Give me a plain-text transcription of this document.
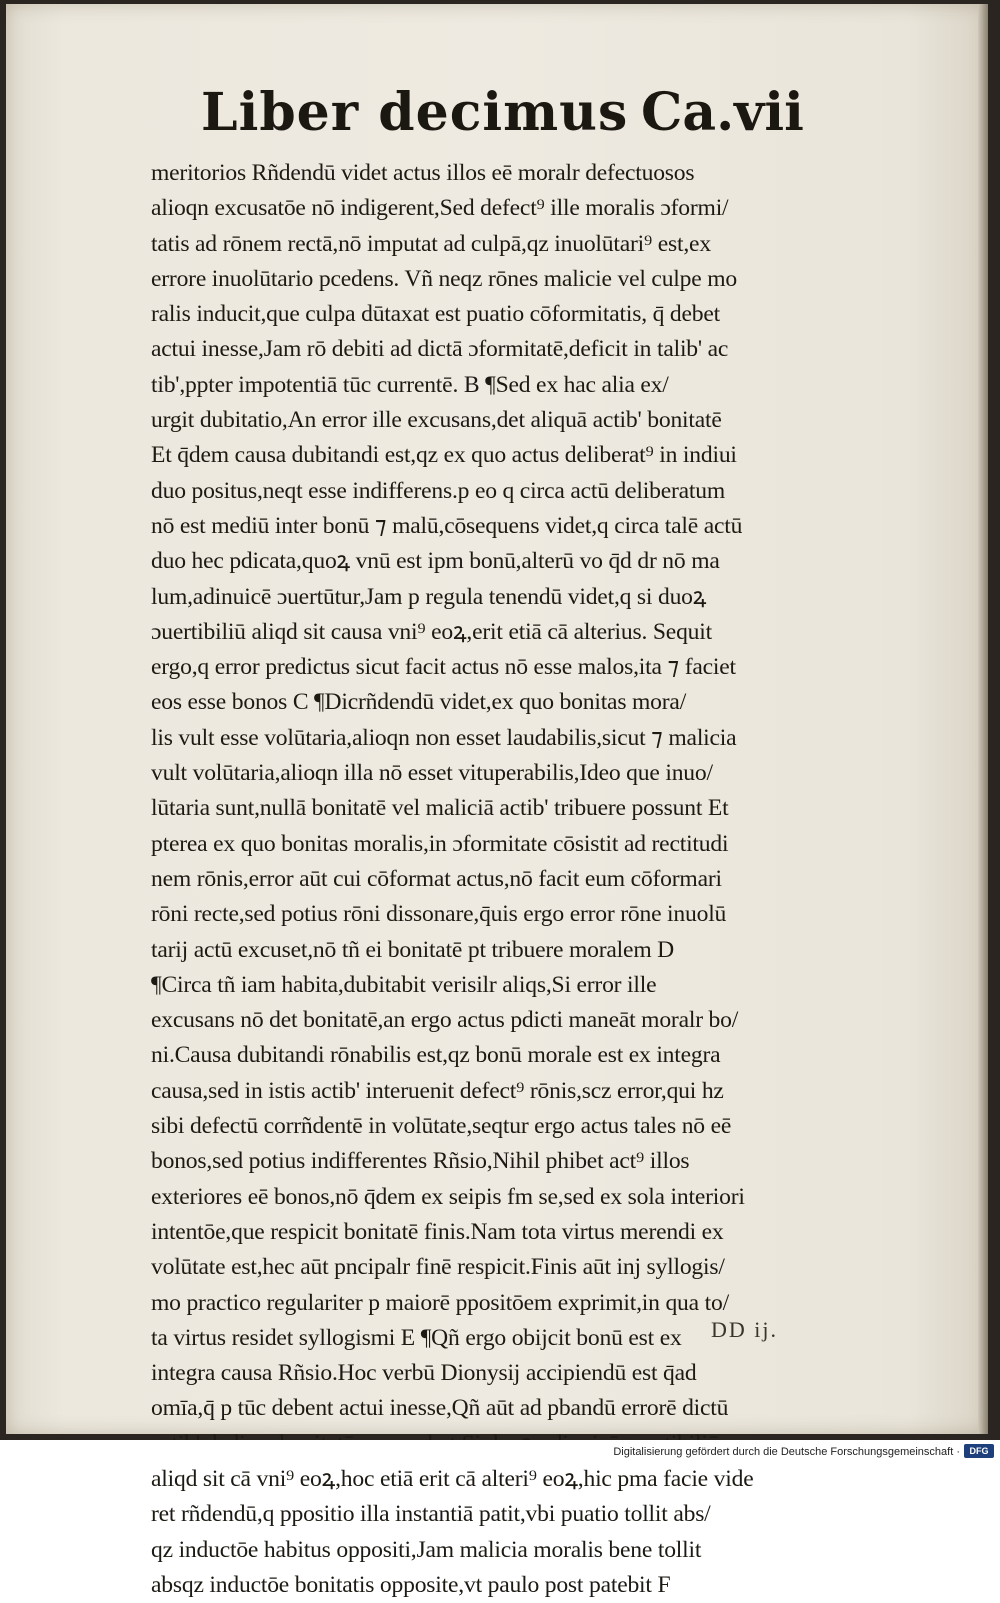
Liber decimus Ca.vii
meritorios Rñdendū videt actus illos eē moralr defectuosos
alioqn excusatōe nō indigerent,Sed defect⁹ ille moralis ɔformi/
tatis ad rōnem rectā,nō imputat ad culpā,qz inuolūtari⁹ est,ex
errore inuolūtario pcedens. Vñ neqz rōnes malicie vel culpe mo
ralis inducit,que culpa dūtaxat est puatio cōformitatis, q̄ debet
actui inesse,Jam rō debiti ad dictā ɔformitatē,deficit in talib' ac
tib',ppter impotentiā tūc currentē. B ¶Sed ex hac alia ex/
urgit dubitatio,An error ille excusans,det aliquā actib' bonitatē
Et q̄dem causa dubitandi est,qz ex quo actus deliberat⁹ in indiui
duo positus,neqt esse indifferens.p eo q circa actū deliberatum
nō est mediū inter bonū ⁊ malū,cōsequens videt,q circa talē actū
duo hec pdicata,quoꝝ vnū est ipm bonū,alterū vo q̄d dr nō ma
lum,adinuicē ɔuertūtur,Jam p regula tenendū videt,q si duoꝝ
ɔuertibiliū aliqd sit causa vni⁹ eoꝝ,erit etiā cā alterius. Sequit
ergo,q error predictus sicut facit actus nō esse malos,ita ⁊ faciet
eos esse bonos C ¶Dicrñdendū videt,ex quo bonitas mora/
lis vult esse volūtaria,alioqn non esset laudabilis,sicut ⁊ malicia
vult volūtaria,alioqn illa nō esset vituperabilis,Ideo que inuo/
lūtaria sunt,nullā bonitatē vel maliciā actib' tribuere possunt Et
pterea ex quo bonitas moralis,in ɔformitate cōsistit ad rectitudi
nem rōnis,error aūt cui cōformat actus,nō facit eum cōformari
rōni recte,sed potius rōni dissonare,q̄uis ergo error rōne inuolū
tarij actū excuset,nō tñ ei bonitatē pt tribuere moralem D
¶Circa tñ iam habita,dubitabit verisilr aliqs,Si error ille
excusans nō det bonitatē,an ergo actus pdicti maneāt moralr bo/
ni.Causa dubitandi rōnabilis est,qz bonū morale est ex integra
causa,sed in istis actib' interuenit defect⁹ rōnis,scz error,qui hz
sibi defectū corrñdentē in volūtate,seqtur ergo actus tales nō eē
bonos,sed potius indifferentes Rñsio,Nihil phibet act⁹ illos
exteriores eē bonos,nō q̄dem ex seipis fm se,sed ex sola interiori
intentōe,que respicit bonitatē finis.Nam tota virtus merendi ex
volūtate est,hec aūt pncipalr finē respicit.Finis aūt inj syllogis/
mo practico regulariter p maiorē ppositōem exprimit,in qua to/
ta virtus residet syllogismi E ¶Qñ ergo obijcit bonū est ex
integra causa Rñsio.Hoc verbū Dionysij accipiendū est q̄ad
omīa,q̄ p tūc debent actui inesse,Qñ aūt ad pbandū errorē dictū
aliqd sit cā vni⁹ eoꝝ,hoc etiā erit cā alteri⁹ eoꝝ,hic pma facie vide
ret rñdendū,q ppositio illa instantiā patit,vbi puatio tollit abs/
qz inductōe habitus oppositi,Jam malicia moralis bene tollit
absqz inductōe bonitatis opposite,vt paulo post patebit F
DD ij.
Digitalisierung gefördert durch die Deutsche Forschungsgemeinschaft ·	DFG
